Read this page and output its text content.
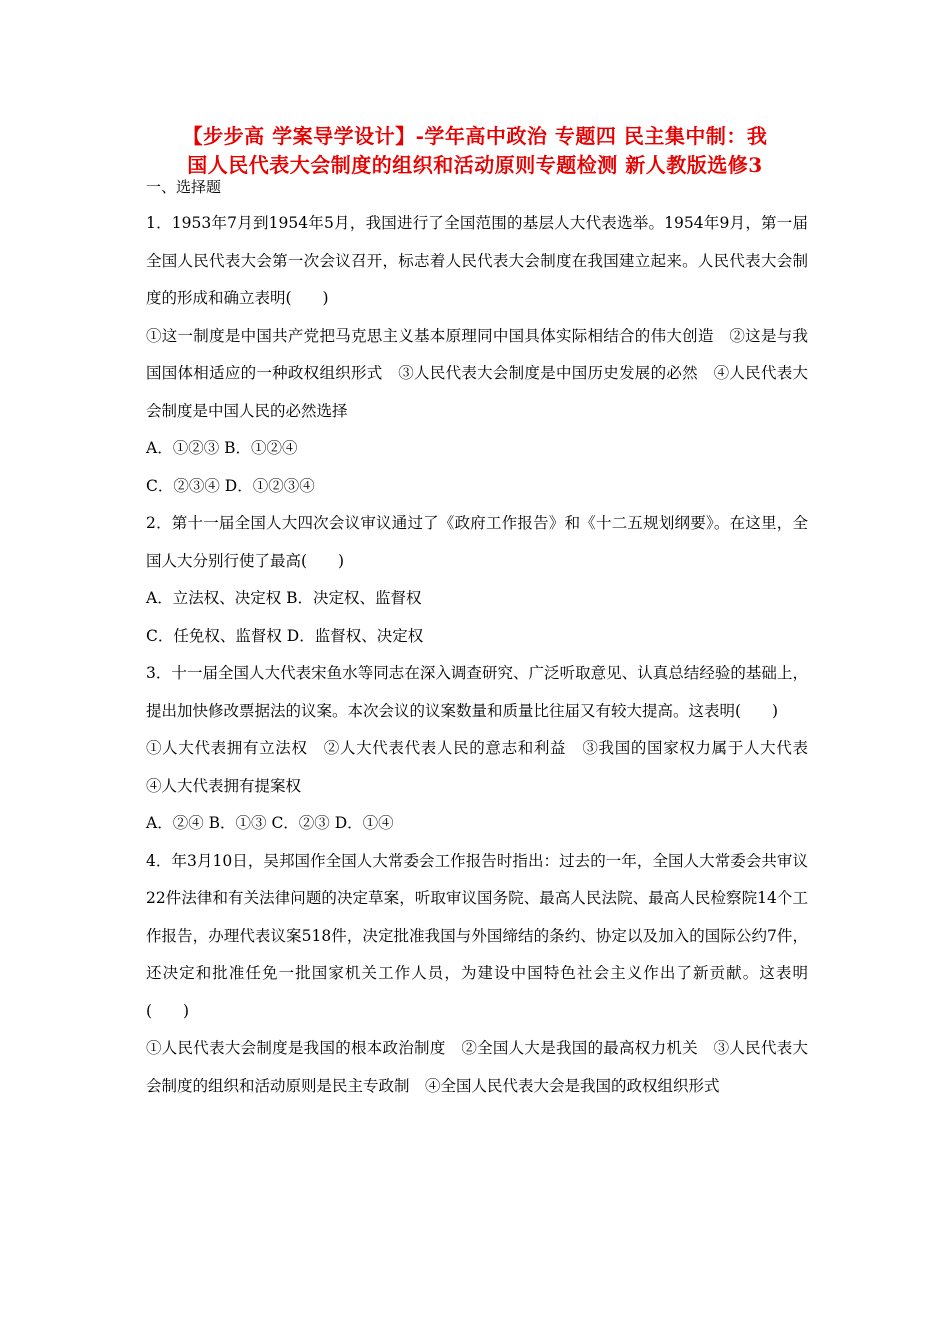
【步步高 学案导学设计】-学年高中政治 专题四 民主集中制：我
国人民代表大会制度的组织和活动原则专题检测 新人教版选修3
一、选择题

1．1953年7月到1954年5月，我国进行了全国范围的基层人大代表选举。1954年9月，第一届全国人民代表大会第一次会议召开，标志着人民代表大会制度在我国建立起来。人民代表大会制度的形成和确立表明(　　)

①这一制度是中国共产党把马克思主义基本原理同中国具体实际相结合的伟大创造　②这是与我国国体相适应的一种政权组织形式　③人民代表大会制度是中国历史发展的必然　④人民代表大会制度是中国人民的必然选择

A．①②③ B．①②④

C．②③④ D．①②③④

2．第十一届全国人大四次会议审议通过了《政府工作报告》和《十二五规划纲要》。在这里，全国人大分别行使了最高(　　)

A．立法权、决定权 B．决定权、监督权

C．任免权、监督权 D．监督权、决定权

3．十一届全国人大代表宋鱼水等同志在深入调查研究、广泛听取意见、认真总结经验的基础上，提出加快修改票据法的议案。本次会议的议案数量和质量比往届又有较大提高。这表明(　　)

①人大代表拥有立法权　②人大代表代表人民的意志和利益　③我国的国家权力属于人大代表　④人大代表拥有提案权

A．②④ B．①③ C．②③ D．①④

4．年3月10日，吴邦国作全国人大常委会工作报告时指出：过去的一年，全国人大常委会共审议22件法律和有关法律问题的决定草案，听取审议国务院、最高人民法院、最高人民检察院14个工作报告，办理代表议案518件，决定批准我国与外国缔结的条约、协定以及加入的国际公约7件，还决定和批准任免一批国家机关工作人员，为建设中国特色社会主义作出了新贡献。这表明(　　)

①人民代表大会制度是我国的根本政治制度　②全国人大是我国的最高权力机关　③人民代表大会制度的组织和活动原则是民主专政制　④全国人民代表大会是我国的政权组织形式
